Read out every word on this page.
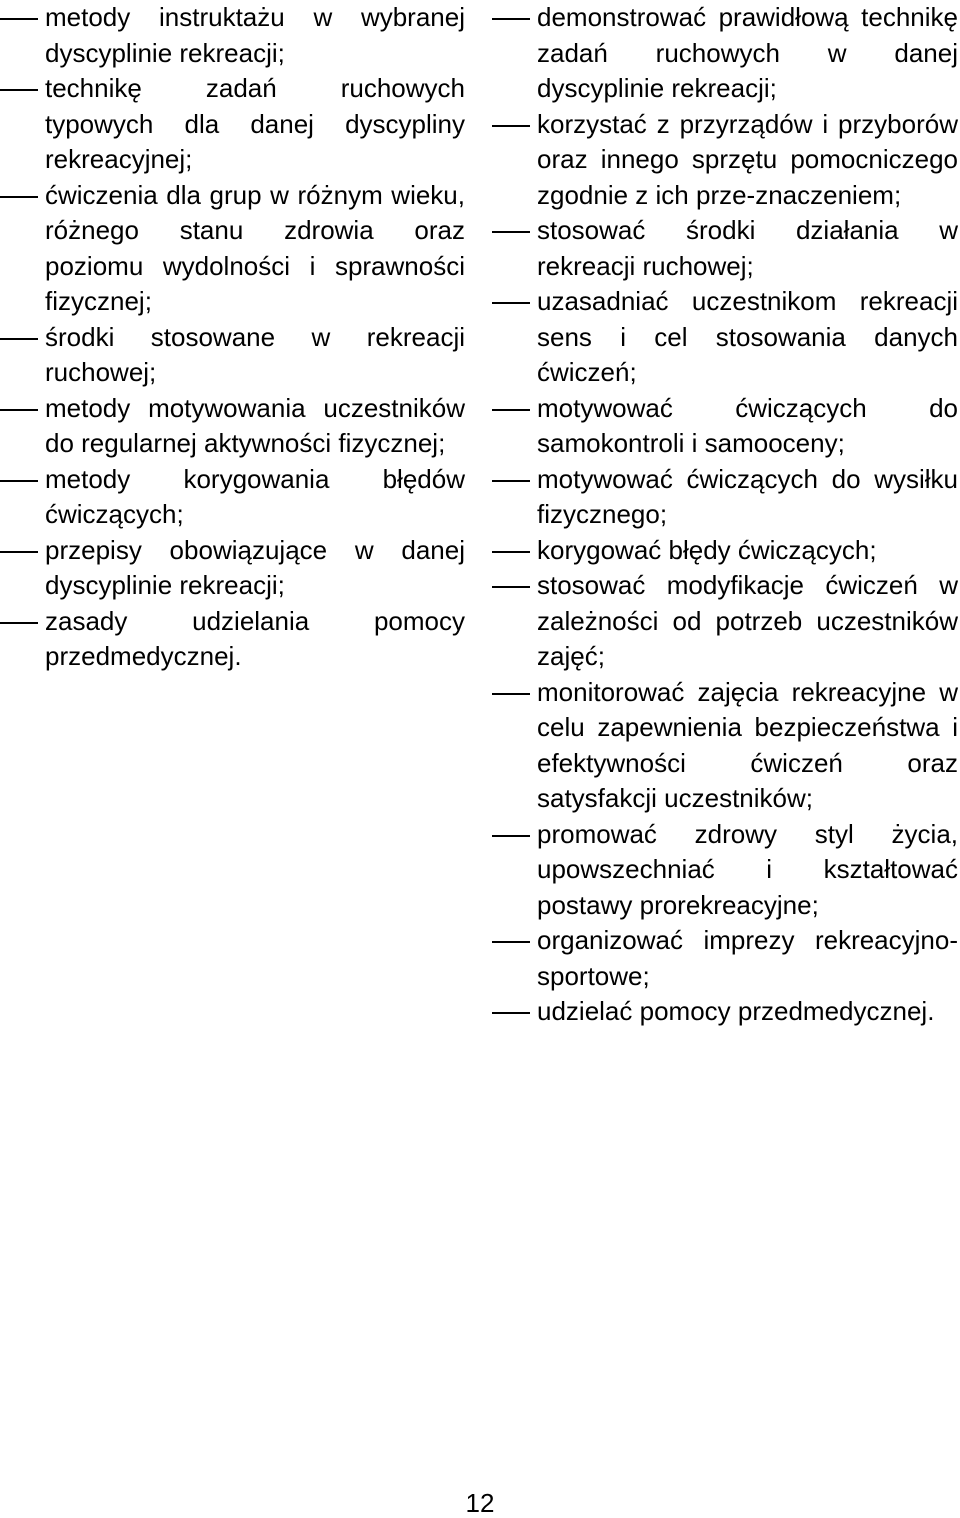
metody instruktażu w wybranej dyscyplinie rekreacji;
technikę zadań ruchowych typowych dla danej dyscypliny rekreacyjnej;
ćwiczenia dla grup w różnym wieku, różnego stanu zdrowia oraz poziomu wydolności i sprawności fizycznej;
środki stosowane w rekreacji ruchowej;
metody motywowania uczestników do regularnej aktywności fizycznej;
metody korygowania błędów ćwiczących;
przepisy obowiązujące w danej dyscyplinie rekreacji;
zasady udzielania pomocy przedmedycznej.
demonstrować prawidłową technikę zadań ruchowych w danej dyscyplinie rekreacji;
korzystać z przyrządów i przyborów oraz innego sprzętu pomocniczego zgodnie z ich prze-znaczeniem;
stosować środki działania w rekreacji ruchowej;
uzasadniać uczestnikom rekreacji sens i cel stosowania danych ćwiczeń;
motywować ćwiczących do samokontroli i samooceny;
motywować ćwiczących do wysiłku fizycznego;
korygować błędy ćwiczących;
stosować modyfikacje ćwiczeń w zależności od potrzeb uczestników zajęć;
monitorować zajęcia rekreacyjne w celu zapewnienia bezpieczeństwa i efektywności ćwiczeń oraz satysfakcji uczestników;
promować zdrowy styl życia, upowszechniać i kształtować postawy prorekreacyjne;
organizować imprezy rekreacyjno-sportowe;
udzielać pomocy przedmedycznej.
12
